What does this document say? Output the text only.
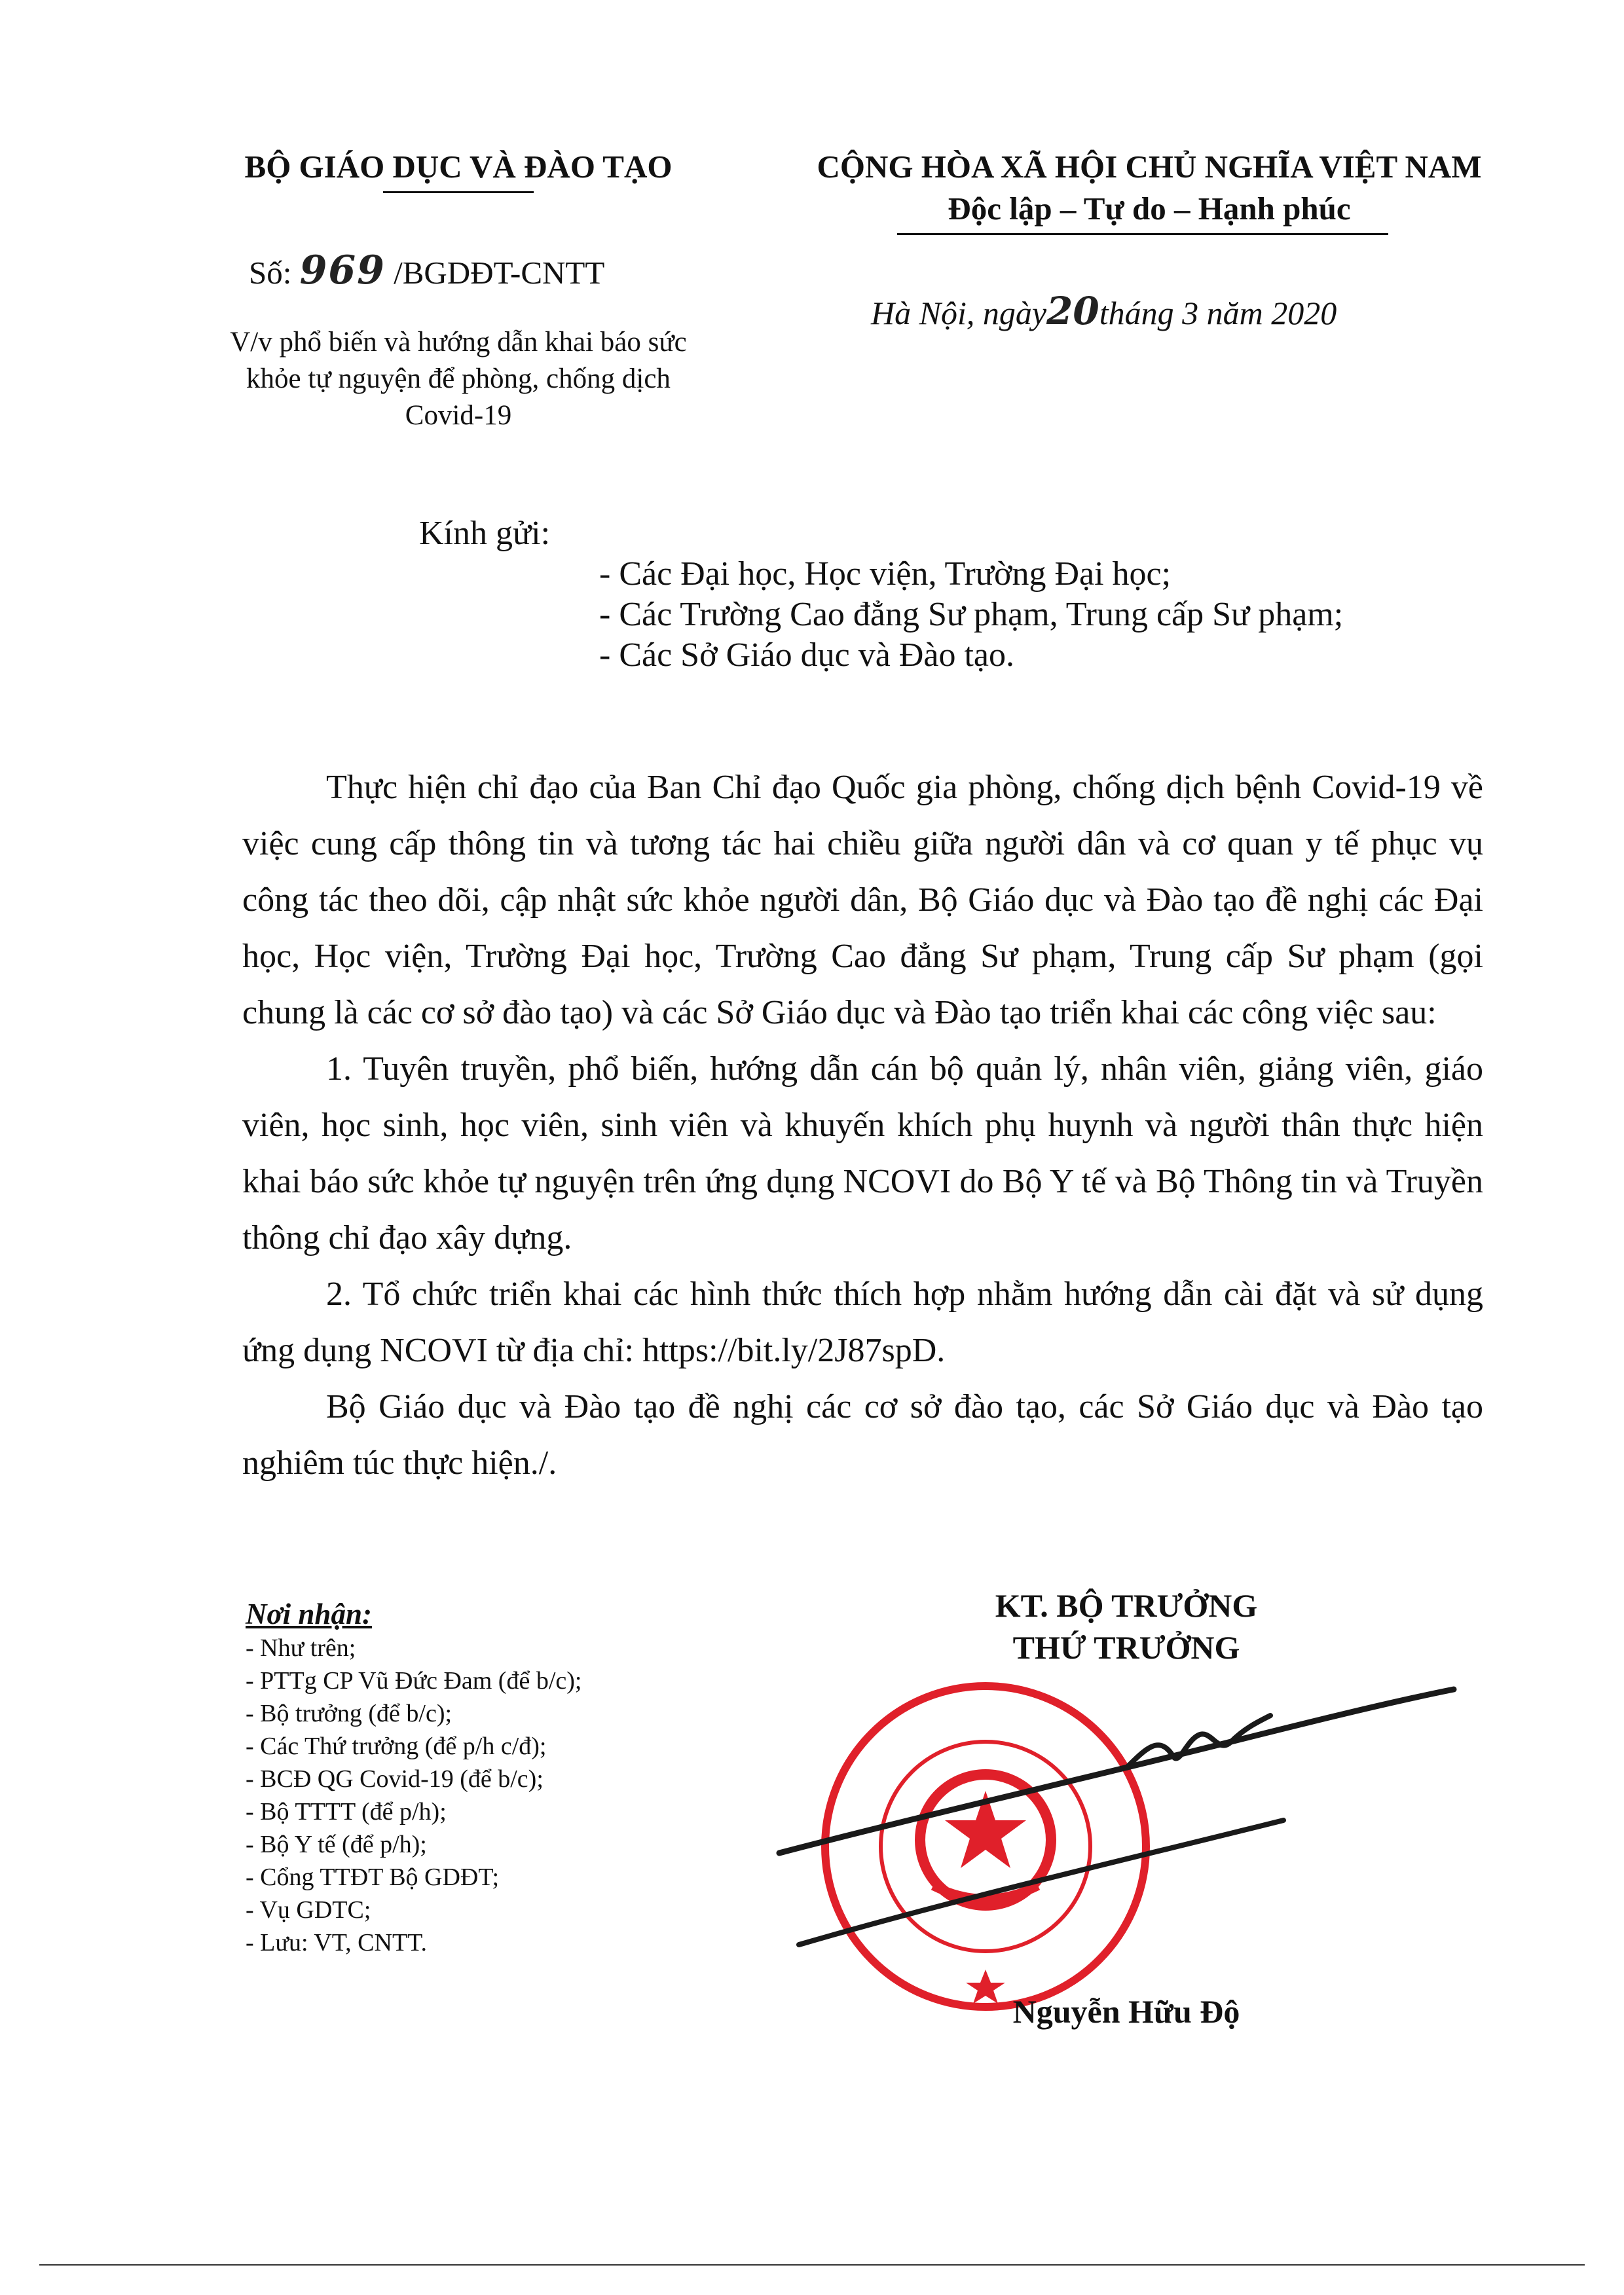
BỘ GIÁO DỤC VÀ ĐÀO TẠO	CỘNG HÒA XÃ HỘI CHỦ NGHĨA VIỆT NAM
Độc lập – Tự do – Hạnh phúc
Số: 969 /BGDĐT-CNTT
V/v phổ biến và hướng dẫn khai báo sức
khỏe tự nguyện để phòng, chống dịch
Covid-19
Hà Nội, ngày20tháng 3 năm 2020
Kính gửi:
- Các Đại học, Học viện, Trường Đại học;
- Các Trường Cao đẳng Sư phạm, Trung cấp Sư phạm;
- Các Sở Giáo dục và Đào tạo.

Thực hiện chỉ đạo của Ban Chỉ đạo Quốc gia phòng, chống dịch bệnh Covid-19 về việc cung cấp thông tin và tương tác hai chiều giữa người dân và cơ quan y tế phục vụ công tác theo dõi, cập nhật sức khỏe người dân, Bộ Giáo dục và Đào tạo đề nghị các Đại học, Học viện, Trường Đại học, Trường Cao đẳng Sư phạm, Trung cấp Sư phạm (gọi chung là các cơ sở đào tạo) và các Sở Giáo dục và Đào tạo triển khai các công việc sau:

1. Tuyên truyền, phổ biến, hướng dẫn cán bộ quản lý, nhân viên, giảng viên, giáo viên, học sinh, học viên, sinh viên và khuyến khích phụ huynh và người thân thực hiện khai báo sức khỏe tự nguyện trên ứng dụng NCOVI do Bộ Y tế và Bộ Thông tin và Truyền thông chỉ đạo xây dựng.

2. Tổ chức triển khai các hình thức thích hợp nhằm hướng dẫn cài đặt và sử dụng ứng dụng NCOVI từ địa chỉ: https://bit.ly/2J87spD.

Bộ Giáo dục và Đào tạo đề nghị các cơ sở đào tạo, các Sở Giáo dục và Đào tạo nghiêm túc thực hiện./.

Nơi nhận:
- Như trên;
- PTTg CP Vũ Đức Đam (để b/c);
- Bộ trưởng (để b/c);
- Các Thứ trưởng (để p/h c/đ);
- BCĐ QG Covid-19 (để b/c);
- Bộ TTTT (để p/h);
- Bộ Y tế (để p/h);
- Cổng TTĐT Bộ GDĐT;
- Vụ GDTC;
- Lưu: VT, CNTT.
KT. BỘ TRƯỞNG
THỨ TRƯỞNG
Nguyễn Hữu Độ
